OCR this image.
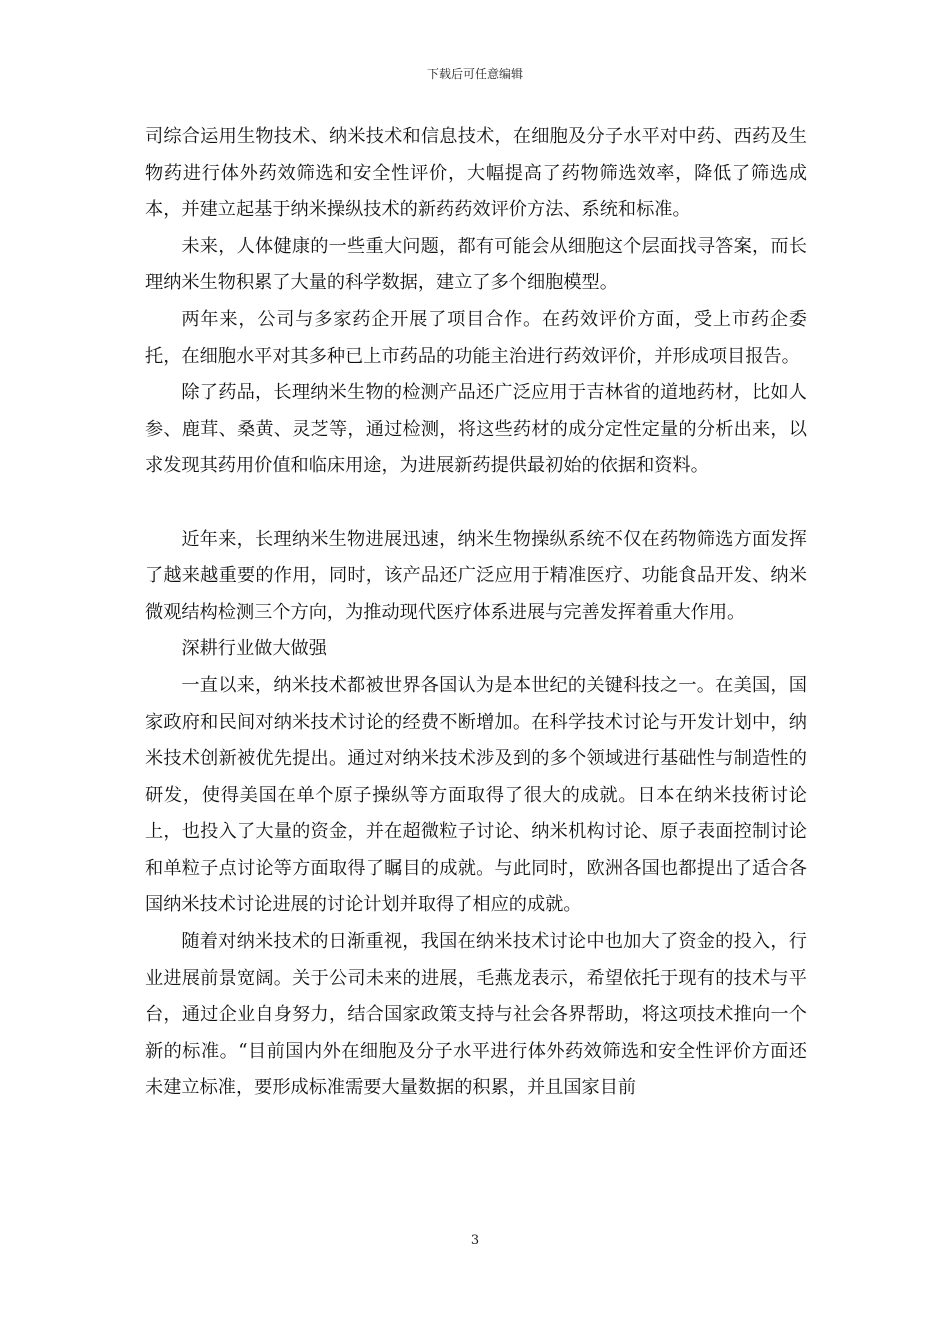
下载后可任意编辑

司综合运用生物技术、纳米技术和信息技术，在细胞及分子水平对中药、西药及生物药进行体外药效筛选和安全性评价，大幅提高了药物筛选效率，降低了筛选成本，并建立起基于纳米操纵技术的新药药效评价方法、系统和标准。

未来，人体健康的一些重大问题，都有可能会从细胞这个层面找寻答案，而长理纳米生物积累了大量的科学数据，建立了多个细胞模型。

两年来，公司与多家药企开展了项目合作。在药效评价方面，受上市药企委托，在细胞水平对其多种已上市药品的功能主治进行药效评价，并形成项目报告。

除了药品，长理纳米生物的检测产品还广泛应用于吉林省的道地药材，比如人参、鹿茸、桑黄、灵芝等，通过检测，将这些药材的成分定性定量的分析出来，以求发现其药用价值和临床用途，为进展新药提供最初始的依据和资料。

近年来，长理纳米生物进展迅速，纳米生物操纵系统不仅在药物筛选方面发挥了越来越重要的作用，同时，该产品还广泛应用于精准医疗、功能食品开发、纳米微观结构检测三个方向，为推动现代医疗体系进展与完善发挥着重大作用。

深耕行业做大做强

一直以来，纳米技术都被世界各国认为是本世纪的关键科技之一。在美国，国家政府和民间对纳米技术讨论的经费不断增加。在科学技术讨论与开发计划中，纳米技术创新被优先提出。通过对纳米技术涉及到的多个领域进行基础性与制造性的研发，使得美国在单个原子操纵等方面取得了很大的成就。日本在纳米技術讨论上，也投入了大量的资金，并在超微粒子讨论、纳米机构讨论、原子表面控制讨论和单粒子点讨论等方面取得了瞩目的成就。与此同时，欧洲各国也都提出了适合各国纳米技术讨论进展的讨论计划并取得了相应的成就。

随着对纳米技术的日渐重视，我国在纳米技术讨论中也加大了资金的投入，行业进展前景宽阔。关于公司未来的进展，毛燕龙表示，希望依托于现有的技术与平台，通过企业自身努力，结合国家政策支持与社会各界帮助，将这项技术推向一个新的标准。“目前国内外在细胞及分子水平进行体外药效筛选和安全性评价方面还未建立标准，要形成标准需要大量数据的积累，并且国家目前

3
